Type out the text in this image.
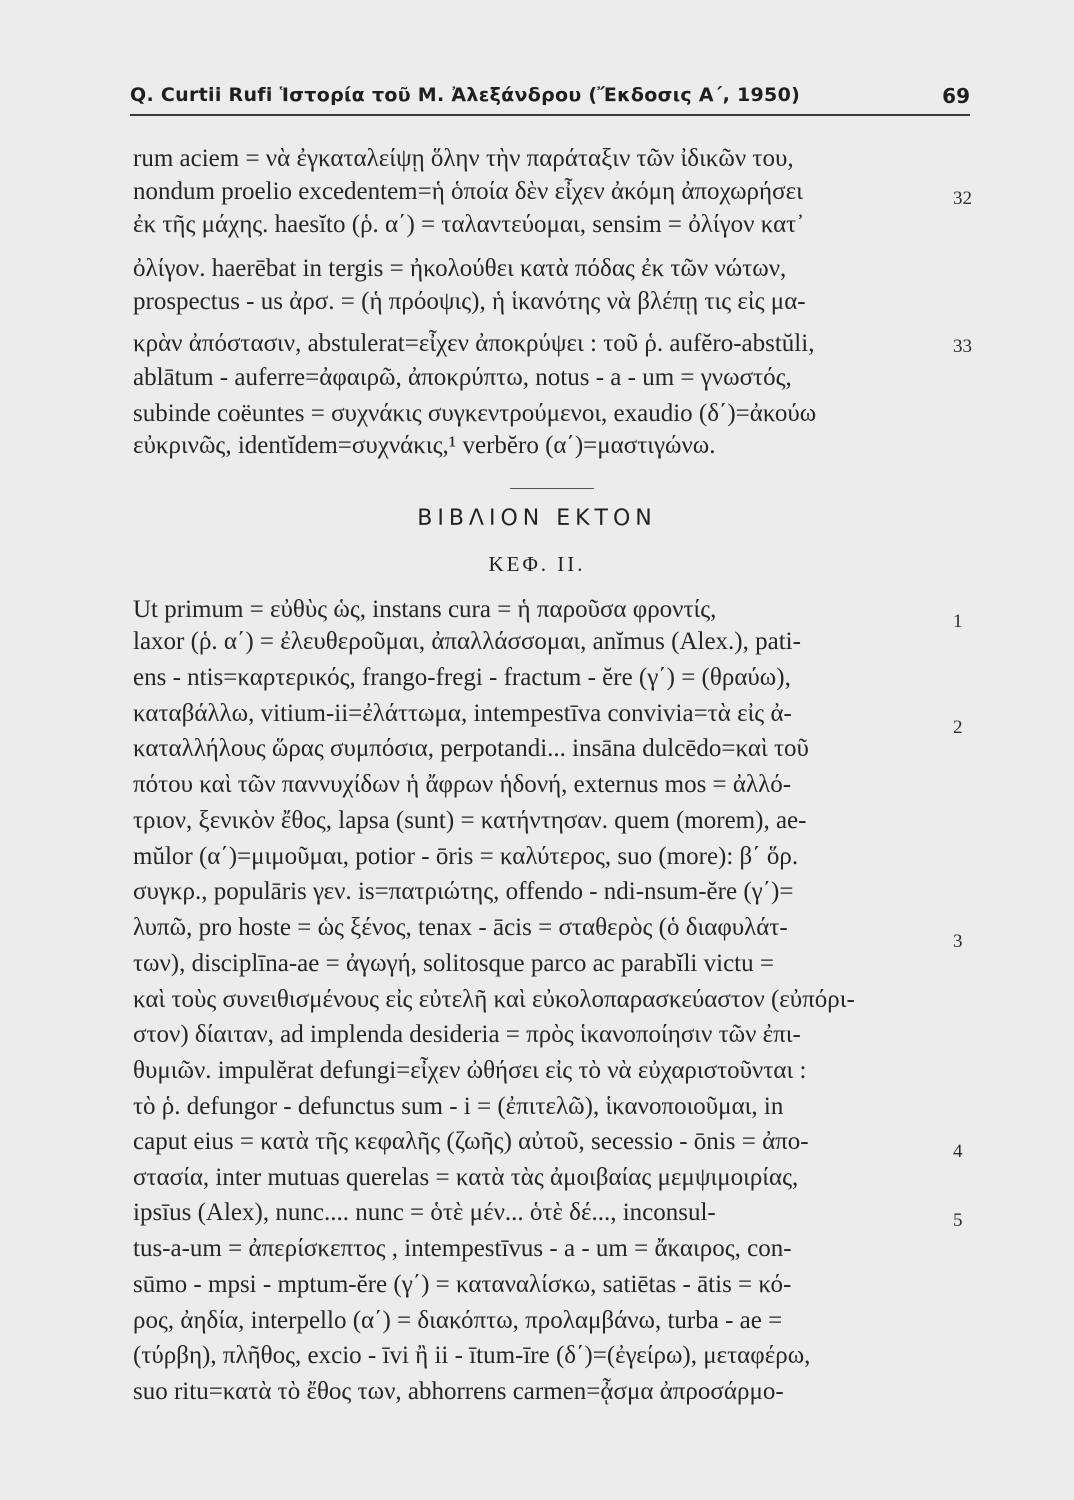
Q. Curtii Rufi Ἱστορία τοῦ Μ. Ἀλεξάνδρου (Ἔκδοσις Α΄, 1950)	69
rum aciem = νὰ ἐγκαταλείψῃ ὅλην τὴν παράταξιν τῶν ἰδικῶν του,
nondum proelio excedentem=ἡ ὁποία δὲν εἶχεν ἀκόμη ἀποχωρήσει
ἐκ τῆς μάχης. haesĭto (ῥ. α΄) = ταλαντεύομαι, sensim = ὀλίγον κατ᾽
ὀλίγον. haerēbat in tergis = ἠκολούθει κατὰ πόδας ἐκ τῶν νώτων,
prospectus - us ἀρσ. = (ἡ πρόοψις), ἡ ἱκανότης νὰ βλέπῃ τις εἰς μα-
κρὰν ἀπόστασιν, abstulerat=εἶχεν ἀποκρύψει : τοῦ ῥ. aufĕro-abstŭli,
ablātum - auferre=ἀφαιρῶ, ἀποκρύπτω, notus - a - um = γνωστός,
subinde coëuntes = συχνάκις συγκεντρούμενοι, exaudio (δ΄)=ἀκούω
εὐκρινῶς, identĭdem=συχνάκις,¹ verbĕro (α΄)=μαστιγώνω.
32
33
ΒΙΒΛΙΟΝ ΕΚΤΟΝ
ΚΕΦ. II.
Ut primum = εὐθὺς ὡς, instans cura = ἡ παροῦσα φροντίς,
laxor (ῥ. α΄) = ἐλευθεροῦμαι, ἀπαλλάσσομαι, anĭmus (Alex.), pati-
ens - ntis=καρτερικός, frango-fregi - fractum - ĕre (γ΄) = (θραύω),
καταβάλλω, vitium-ii=ἐλάττωμα, intempestīva convivia=τὰ εἰς ἀ-
καταλλήλους ὥρας συμπόσια, perpotandi... insāna dulcēdo=καὶ τοῦ
πότου καὶ τῶν παννυχίδων ἡ ἄφρων ἡδονή, externus mos = ἀλλό-
τριον, ξενικὸν ἔθος, lapsa (sunt) = κατήντησαν. quem (morem), ae-
mŭlor (α΄)=μιμοῦμαι, potior - ōris = καλύτερος, suo (more): β΄ ὅρ.
συγκρ., populāris γεν. is=πατριώτης, offendo - ndi-nsum-ĕre (γ΄)=
λυπῶ, pro hoste = ὡς ξένος, tenax - ācis = σταθερὸς (ὁ διαφυλάτ-
των), disciplīna-ae = ἀγωγή, solitosque parco ac parabĭli victu =
καὶ τοὺς συνειθισμένους εἰς εὐτελῆ καὶ εὐκολοπαρασκεύαστον (εὐπόρι-
στον) δίαιταν, ad implenda desideria = πρὸς ἱκανοποίησιν τῶν ἐπι-
θυμιῶν. impulĕrat defungi=εἶχεν ὠθήσει εἰς τὸ νὰ εὐχαριστοῦνται :
τὸ ῥ. defungor - defunctus sum - i = (ἐπιτελῶ), ἱκανοποιοῦμαι, in
caput eius = κατὰ τῆς κεφαλῆς (ζωῆς) αὐτοῦ, secessio - ōnis = ἀπο-
στασία, inter mutuas querelas = κατὰ τὰς ἀμοιβαίας μεμψιμοιρίας,
ipsīus (Alex), nunc.... nunc = ὁτὲ μέν... ὁτὲ δέ..., inconsul-
tus-a-um = ἀπερίσκεπτος , intempestīvus - a - um = ἄκαιρος, con-
sūmo - mpsi - mptum-ĕre (γ΄) = καταναλίσκω, satiētas - ātis = κό-
ρος, ἀηδία, interpello (α΄) = διακόπτω, προλαμβάνω, turba - ae =
(τύρβη), πλῆθος, excio - īvi ἢ ii - ītum-īre (δ΄)=(ἐγείρω), μεταφέρω,
suo ritu=κατὰ τὸ ἔθος των, abhorrens carmen=ᾆσμα ἀπροσάρμο-
1
2
3
4
5
